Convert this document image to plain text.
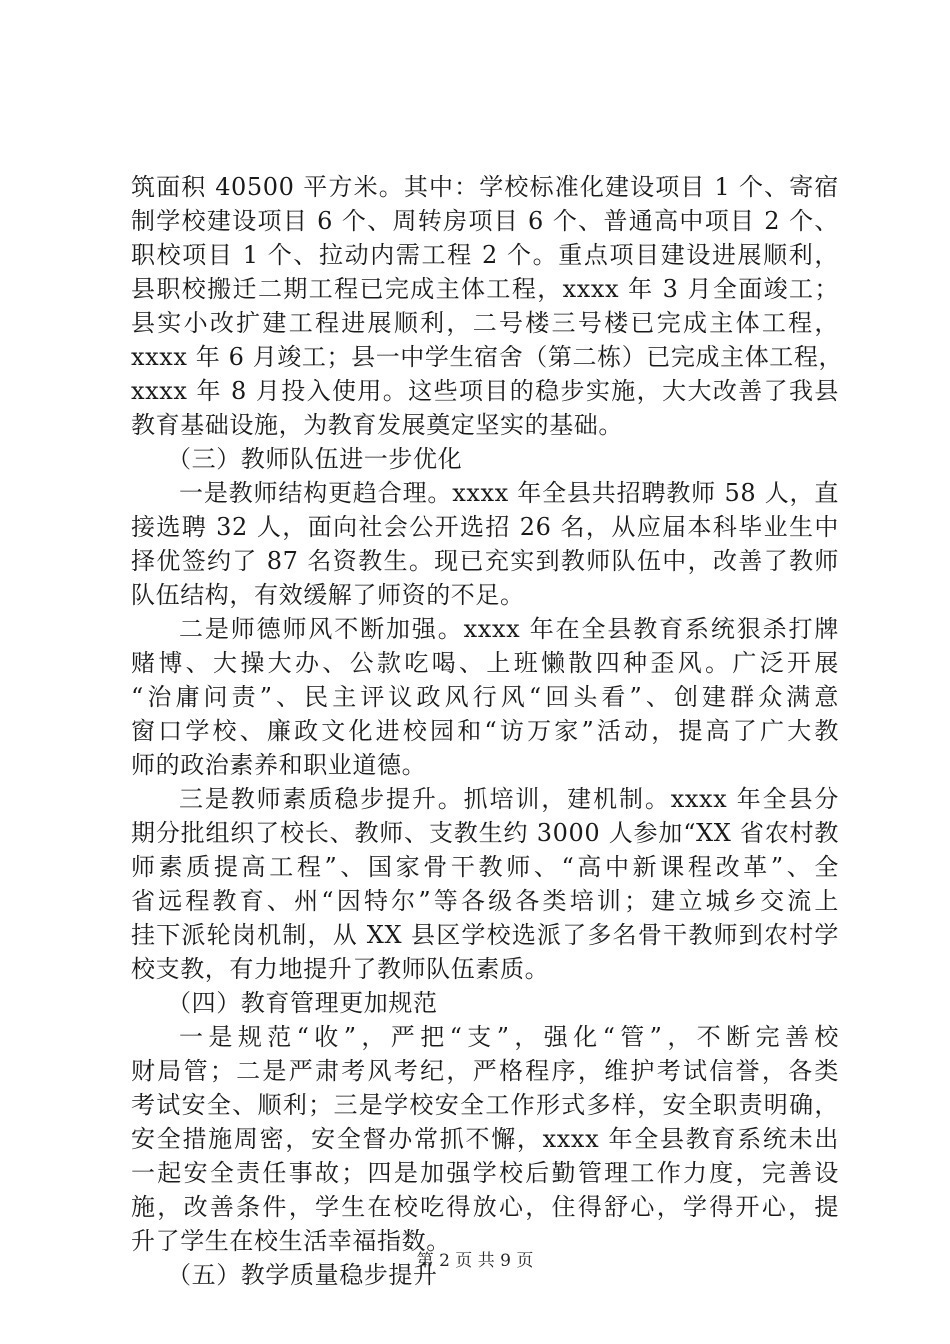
筑面积 40500 平方米。其中：学校标准化建设项目 1 个、寄宿
制学校建设项目 6 个、周转房项目 6 个、普通高中项目 2 个、
职校项目 1 个、拉动内需工程 2 个。重点项目建设进展顺利，
县职校搬迁二期工程已完成主体工程，xxxx 年 3 月全面竣工；
县实小改扩建工程进展顺利，二号楼三号楼已完成主体工程，
xxxx 年 6 月竣工；县一中学生宿舍（第二栋）已完成主体工程，
xxxx 年 8 月投入使用。这些项目的稳步实施，大大改善了我县
教育基础设施，为教育发展奠定坚实的基础。
（三）教师队伍进一步优化
一是教师结构更趋合理。xxxx 年全县共招聘教师 58 人，直
接选聘 32 人，面向社会公开选招 26 名，从应届本科毕业生中
择优签约了 87 名资教生。现已充实到教师队伍中，改善了教师
队伍结构，有效缓解了师资的不足。
二是师德师风不断加强。xxxx 年在全县教育系统狠杀打牌
赌博、大操大办、公款吃喝、上班懒散四种歪风。广泛开展
“治庸问责”、民主评议政风行风“回头看”、创建群众满意
窗口学校、廉政文化进校园和“访万家”活动，提高了广大教
师的政治素养和职业道德。
三是教师素质稳步提升。抓培训，建机制。xxxx 年全县分
期分批组织了校长、教师、支教生约 3000 人参加“XX 省农村教
师素质提高工程”、国家骨干教师、“高中新课程改革”、全
省远程教育、州“因特尔”等各级各类培训；建立城乡交流上
挂下派轮岗机制，从 XX 县区学校选派了多名骨干教师到农村学
校支教，有力地提升了教师队伍素质。
（四）教育管理更加规范
一是规范“收”，严把“支”，强化“管”，不断完善校
财局管；二是严肃考风考纪，严格程序，维护考试信誉，各类
考试安全、顺利；三是学校安全工作形式多样，安全职责明确，
安全措施周密，安全督办常抓不懈，xxxx 年全县教育系统未出
一起安全责任事故；四是加强学校后勤管理工作力度，完善设
施，改善条件，学生在校吃得放心，住得舒心，学得开心，提
升了学生在校生活幸福指数。
（五）教学质量稳步提升
第 2 页 共 9 页
